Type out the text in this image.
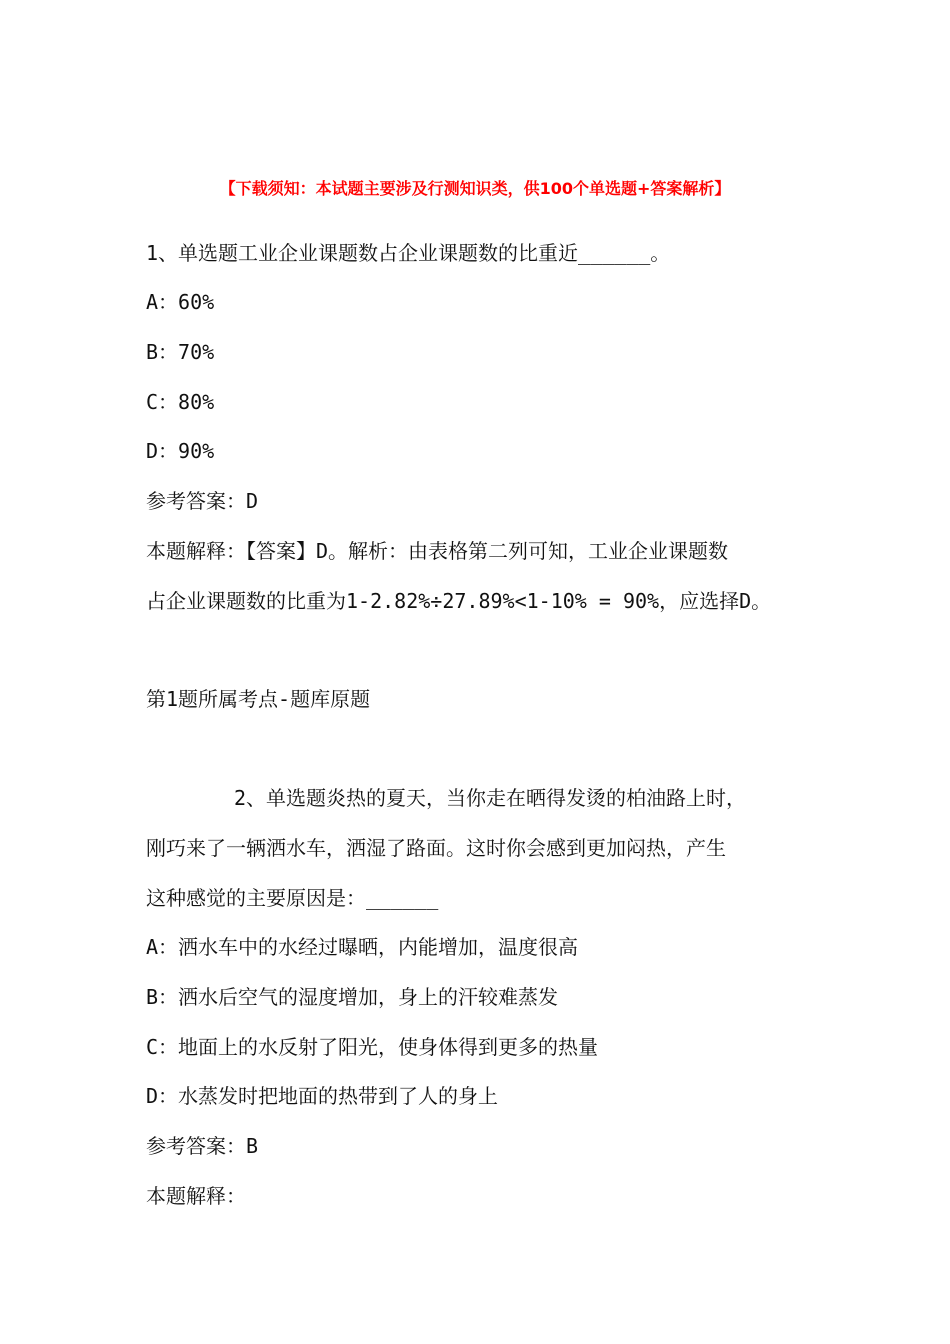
【下载须知：本试题主要涉及行测知识类，供100个单选题+答案解析】
1、单选题工业企业课题数占企业课题数的比重近______。
A：60%
B：70%
C：80%
D：90%
参考答案：D
本题解释：【答案】D。解析：由表格第二列可知，工业企业课题数
占企业课题数的比重为1-2.82%÷27.89%<1-10% = 90%，应选择D。
第1题所属考点-题库原题
2、单选题炎热的夏天，当你走在晒得发烫的柏油路上时，
刚巧来了一辆洒水车，洒湿了路面。这时你会感到更加闷热，产生
这种感觉的主要原因是：______
A：洒水车中的水经过曝晒，内能增加，温度很高
B：洒水后空气的湿度增加，身上的汗较难蒸发
C：地面上的水反射了阳光，使身体得到更多的热量
D：水蒸发时把地面的热带到了人的身上
参考答案：B
本题解释：
